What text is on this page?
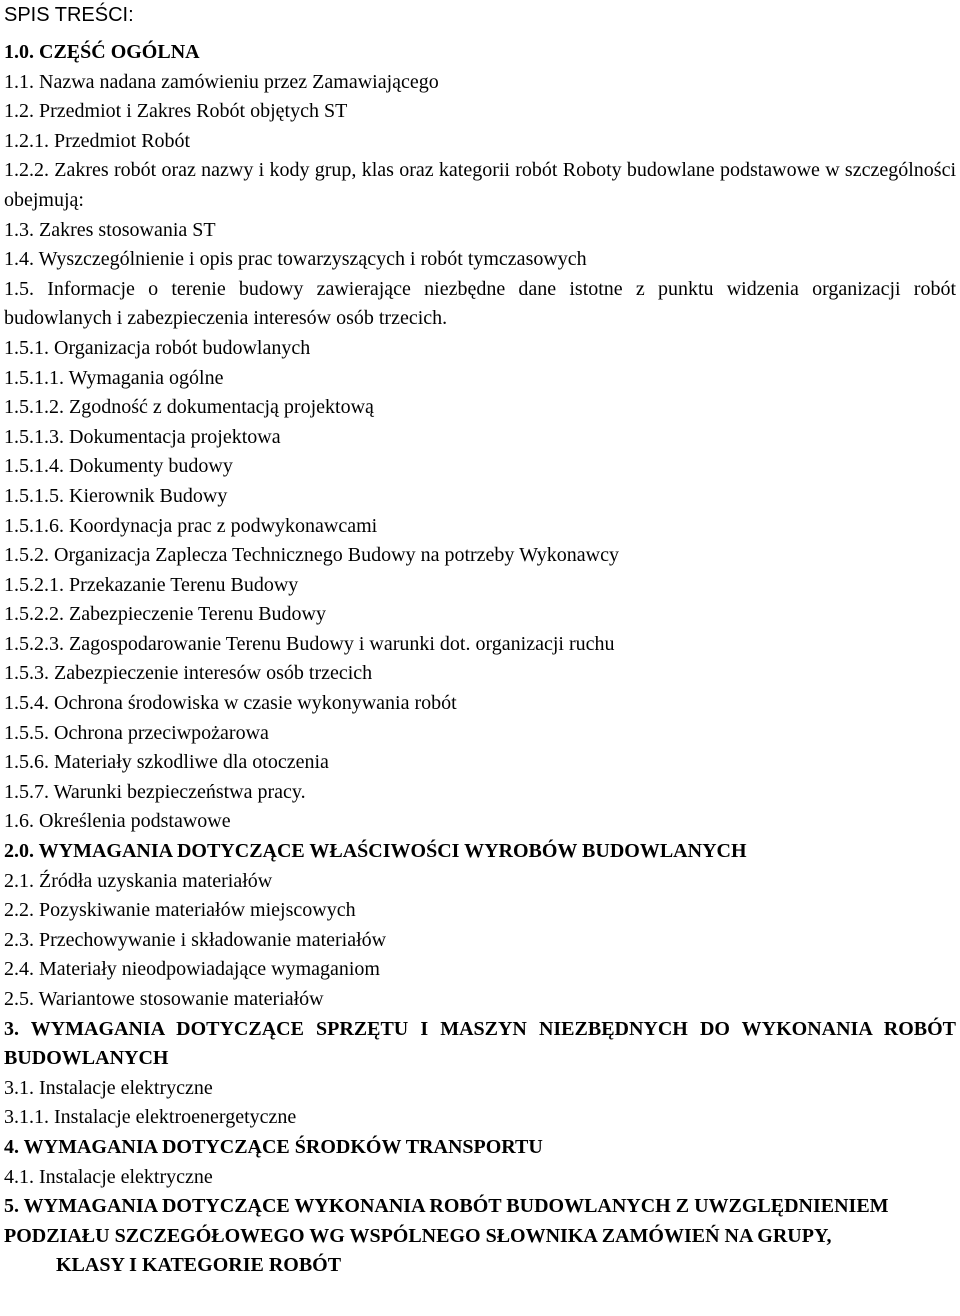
SPIS TREŚCI:
1.0. CZĘŚĆ OGÓLNA
1.1. Nazwa nadana zamówieniu przez Zamawiającego
1.2. Przedmiot i Zakres Robót objętych ST
1.2.1. Przedmiot Robót
1.2.2. Zakres robót oraz nazwy i kody grup, klas oraz kategorii robót Roboty budowlane podstawowe w szczególności obejmują:
1.3. Zakres stosowania ST
1.4. Wyszczególnienie i opis prac towarzyszących i robót tymczasowych
1.5. Informacje o terenie budowy zawierające niezbędne dane istotne z punktu widzenia organizacji robót budowlanych i zabezpieczenia interesów osób trzecich.
1.5.1. Organizacja robót budowlanych
1.5.1.1. Wymagania ogólne
1.5.1.2. Zgodność z dokumentacją projektową
1.5.1.3. Dokumentacja projektowa
1.5.1.4. Dokumenty budowy
1.5.1.5. Kierownik Budowy
1.5.1.6. Koordynacja prac z podwykonawcami
1.5.2. Organizacja Zaplecza Technicznego Budowy na potrzeby Wykonawcy
1.5.2.1. Przekazanie Terenu Budowy
1.5.2.2. Zabezpieczenie Terenu Budowy
1.5.2.3. Zagospodarowanie Terenu Budowy i warunki dot. organizacji ruchu
1.5.3. Zabezpieczenie interesów osób trzecich
1.5.4. Ochrona środowiska w czasie wykonywania robót
1.5.5. Ochrona przeciwpożarowa
1.5.6. Materiały szkodliwe dla otoczenia
1.5.7. Warunki bezpieczeństwa pracy.
1.6. Określenia podstawowe
2.0. WYMAGANIA DOTYCZĄCE WŁAŚCIWOŚCI WYROBÓW BUDOWLANYCH
2.1. Źródła uzyskania materiałów
2.2. Pozyskiwanie materiałów miejscowych
2.3. Przechowywanie i składowanie materiałów
2.4. Materiały nieodpowiadające wymaganiom
2.5. Wariantowe stosowanie materiałów
3. WYMAGANIA DOTYCZĄCE SPRZĘTU I MASZYN NIEZBĘDNYCH DO WYKONANIA ROBÓT BUDOWLANYCH
3.1. Instalacje elektryczne
3.1.1. Instalacje elektroenergetyczne
4. WYMAGANIA DOTYCZĄCE ŚRODKÓW TRANSPORTU
4.1. Instalacje elektryczne
5. WYMAGANIA DOTYCZĄCE WYKONANIA ROBÓT BUDOWLANYCH Z UWZGLĘDNIENIEM PODZIAŁU SZCZEGÓŁOWEGO WG WSPÓLNEGO SŁOWNIKA ZAMÓWIEŃ NA GRUPY,
KLASY I KATEGORIE ROBÓT
